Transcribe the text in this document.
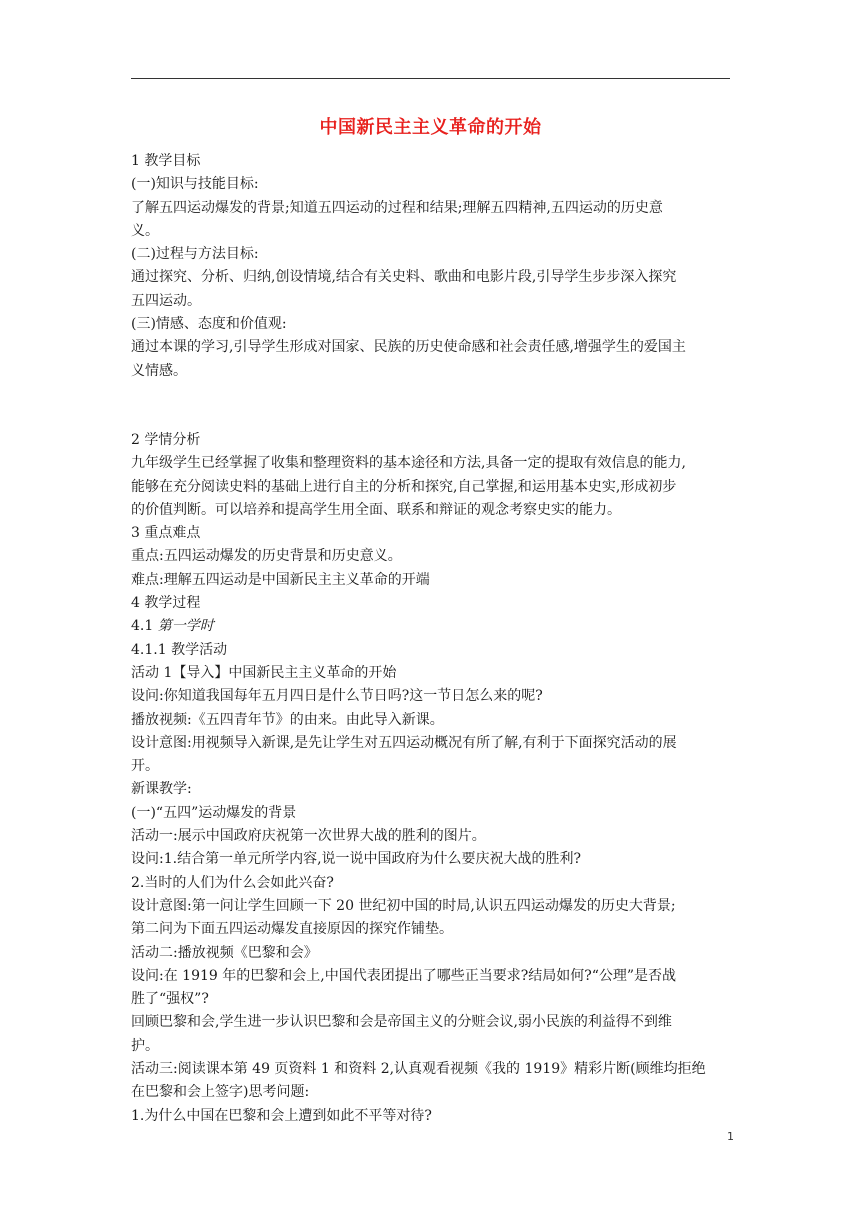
中国新民主主义革命的开始
1 教学目标
(一)知识与技能目标:
了解五四运动爆发的背景;知道五四运动的过程和结果;理解五四精神,五四运动的历史意
义。
(二)过程与方法目标:
通过探究、分析、归纳,创设情境,结合有关史料、歌曲和电影片段,引导学生步步深入探究
五四运动。
(三)情感、态度和价值观:
通过本课的学习,引导学生形成对国家、民族的历史使命感和社会责任感,增强学生的爱国主
义情感。
2 学情分析
九年级学生已经掌握了收集和整理资料的基本途径和方法,具备一定的提取有效信息的能力,
能够在充分阅读史料的基础上进行自主的分析和探究,自己掌握,和运用基本史实,形成初步
的价值判断。可以培养和提高学生用全面、联系和辩证的观念考察史实的能力。
3 重点难点
重点:五四运动爆发的历史背景和历史意义。
难点:理解五四运动是中国新民主主义革命的开端
4 教学过程
4.1 第一学时
4.1.1 教学活动
活动 1【导入】中国新民主主义革命的开始
设问:你知道我国每年五月四日是什么节日吗?这一节日怎么来的呢?
播放视频:《五四青年节》的由来。由此导入新课。
设计意图:用视频导入新课,是先让学生对五四运动概况有所了解,有利于下面探究活动的展
开。
新课教学:
(一)“五四”运动爆发的背景
活动一:展示中国政府庆祝第一次世界大战的胜利的图片。
设问:1.结合第一单元所学内容,说一说中国政府为什么要庆祝大战的胜利?
2.当时的人们为什么会如此兴奋?
设计意图:第一问让学生回顾一下 20 世纪初中国的时局,认识五四运动爆发的历史大背景;
第二问为下面五四运动爆发直接原因的探究作铺垫。
活动二:播放视频《巴黎和会》
设问:在 1919 年的巴黎和会上,中国代表团提出了哪些正当要求?结局如何?“公理”是否战
胜了“强权”?
回顾巴黎和会,学生进一步认识巴黎和会是帝国主义的分赃会议,弱小民族的利益得不到维
护。
活动三:阅读课本第 49 页资料 1 和资料 2,认真观看视频《我的 1919》精彩片断(顾维均拒绝
在巴黎和会上签字)思考问题:
1.为什么中国在巴黎和会上遭到如此不平等对待?
1
